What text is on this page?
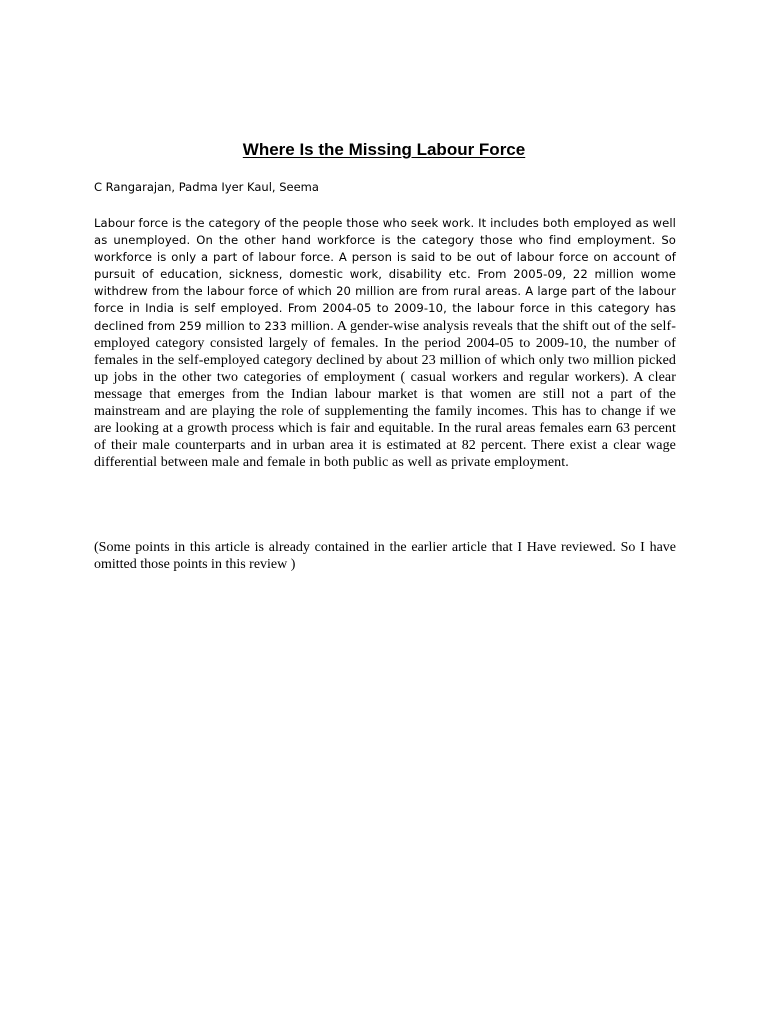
Where Is the Missing Labour Force
C Rangarajan, Padma Iyer Kaul, Seema
Labour force is the category of the people those who seek work. It includes both employed as well as unemployed. On the other hand workforce is the category those who find employment. So workforce is only a part of labour force. A person is said to be out of labour force on account of pursuit of education, sickness, domestic work, disability etc. From 2005-09, 22 million wome withdrew from the labour force of which 20 million are from rural areas. A large part of the labour force in India is self employed. From 2004-05 to 2009-10, the labour force in this category has declined from 259 million to 233 million. A gender-wise analysis reveals that the shift out of the self-employed category consisted largely of females. In the period 2004-05 to 2009-10, the number of females in the self-employed category declined by about 23 million of which only two million picked up jobs in the other two categories of employment ( casual workers and regular workers). A clear message that emerges from the Indian labour market is that women are still not a part of the mainstream and are playing the role of supplementing the family incomes. This has to change if we are looking at a growth process which is fair and equitable. In the rural areas females earn 63 percent of their male counterparts and in urban area it is estimated at 82 percent. There exist a clear wage differential between male and female in both public as well as private employment.
(Some points in this article is already contained in the earlier article that I Have reviewed. So I have omitted those points in this review )
